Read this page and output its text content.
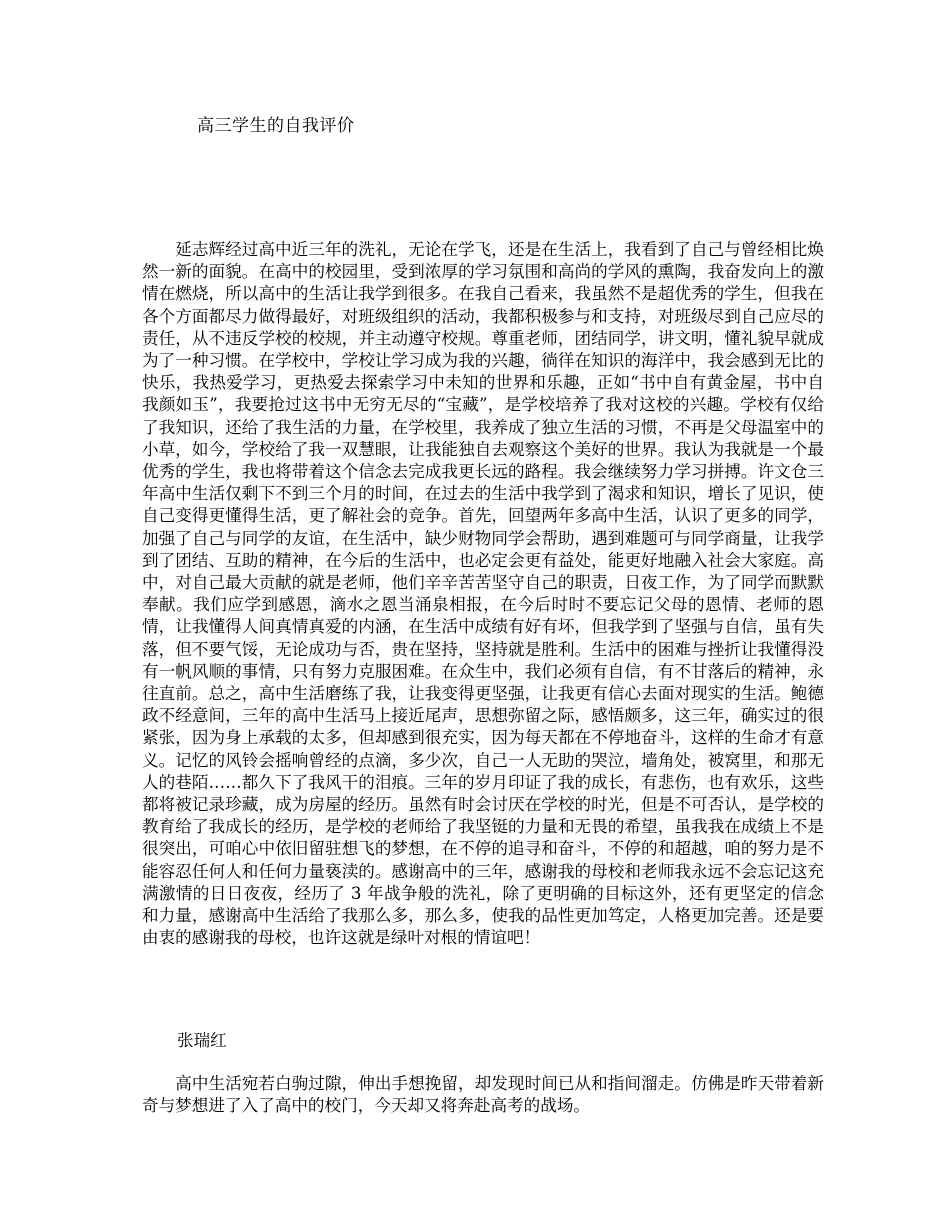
高三学生的自我评价

延志辉经过高中近三年的洗礼，无论在学飞，还是在生活上，我看到了自己与曾经相比焕然一新的面貌。在高中的校园里，受到浓厚的学习氛围和高尚的学风的熏陶，我奋发向上的激情在燃烧，所以高中的生活让我学到很多。在我自己看来，我虽然不是超优秀的学生，但我在各个方面都尽力做得最好，对班级组织的活动，我都积极参与和支持，对班级尽到自己应尽的责任，从不违反学校的校规，并主动遵守校规。尊重老师，团结同学，讲文明，懂礼貌早就成为了一种习惯。在学校中，学校让学习成为我的兴趣，徜徉在知识的海洋中，我会感到无比的快乐，我热爱学习，更热爱去探索学习中未知的世界和乐趣，正如“书中自有黄金屋，书中自我颜如玉”，我要抢过这书中无穷无尽的“宝藏”，是学校培养了我对这校的兴趣。学校有仅给了我知识，还给了我生活的力量，在学校里，我养成了独立生活的习惯，不再是父母温室中的小草，如今，学校给了我一双慧眼，让我能独自去观察这个美好的世界。我认为我就是一个最优秀的学生，我也将带着这个信念去完成我更长远的路程。我会继续努力学习拼搏。许文仓三年高中生活仅剩下不到三个月的时间，在过去的生活中我学到了渴求和知识，增长了见识，使自己变得更懂得生活，更了解社会的竞争。首先，回望两年多高中生活，认识了更多的同学，加强了自己与同学的友谊，在生活中，缺少财物同学会帮助，遇到难题可与同学商量，让我学到了团结、互助的精神，在今后的生活中，也必定会更有益处，能更好地融入社会大家庭。高中，对自己最大贡献的就是老师，他们辛辛苦苦坚守自己的职责，日夜工作，为了同学而默默奉献。我们应学到感恩，滴水之恩当涌泉相报，在今后时时不要忘记父母的恩情、老师的恩情，让我懂得人间真情真爱的内涵，在生活中成绩有好有坏，但我学到了坚强与自信，虽有失落，但不要气馁，无论成功与否，贵在坚持，坚持就是胜利。生活中的困难与挫折让我懂得没有一帆风顺的事情，只有努力克服困难。在众生中，我们必须有自信，有不甘落后的精神，永往直前。总之，高中生活磨练了我，让我变得更坚强，让我更有信心去面对现实的生活。鲍德政不经意间，三年的高中生活马上接近尾声，思想弥留之际，感悟颇多，这三年，确实过的很紧张，因为身上承载的太多，但却感到很充实，因为每天都在不停地奋斗，这样的生命才有意义。记忆的风铃会摇响曾经的点滴，多少次，自己一人无助的哭泣，墙角处，被窝里，和那无人的巷陌……都久下了我风干的泪痕。三年的岁月印证了我的成长，有悲伤，也有欢乐，这些都将被记录珍藏，成为房屋的经历。虽然有时会讨厌在学校的时光，但是不可否认，是学校的教育给了我成长的经历，是学校的老师给了我坚铤的力量和无畏的希望，虽我我在成绩上不是很突出，可咱心中依旧留驻想飞的梦想，在不停的追寻和奋斗，不停的和超越，咱的努力是不能容忍任何人和任何力量亵渎的。感谢高中的三年，感谢我的母校和老师我永远不会忘记这充满激情的日日夜夜，经历了 3 年战争般的洗礼，除了更明确的目标这外，还有更坚定的信念和力量，感谢高中生活给了我那么多，那么多，使我的品性更加笃定，人格更加完善。还是要由衷的感谢我的母校，也许这就是绿叶对根的情谊吧！

张瑞红

高中生活宛若白驹过隙，伸出手想挽留，却发现时间已从和指间溜走。仿佛是昨天带着新奇与梦想进了入了高中的校门，今天却又将奔赴高考的战场。
